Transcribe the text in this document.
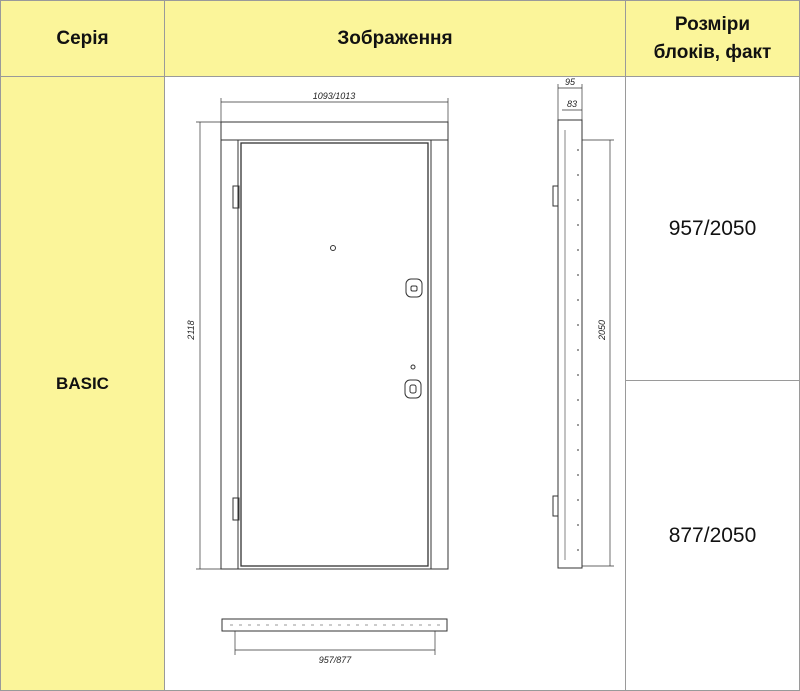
Серія	Зображення
Розміри
блоків, факт
BASIC
957/2050
877/2050
1093/1013
2118
95
83
2050
957/877
